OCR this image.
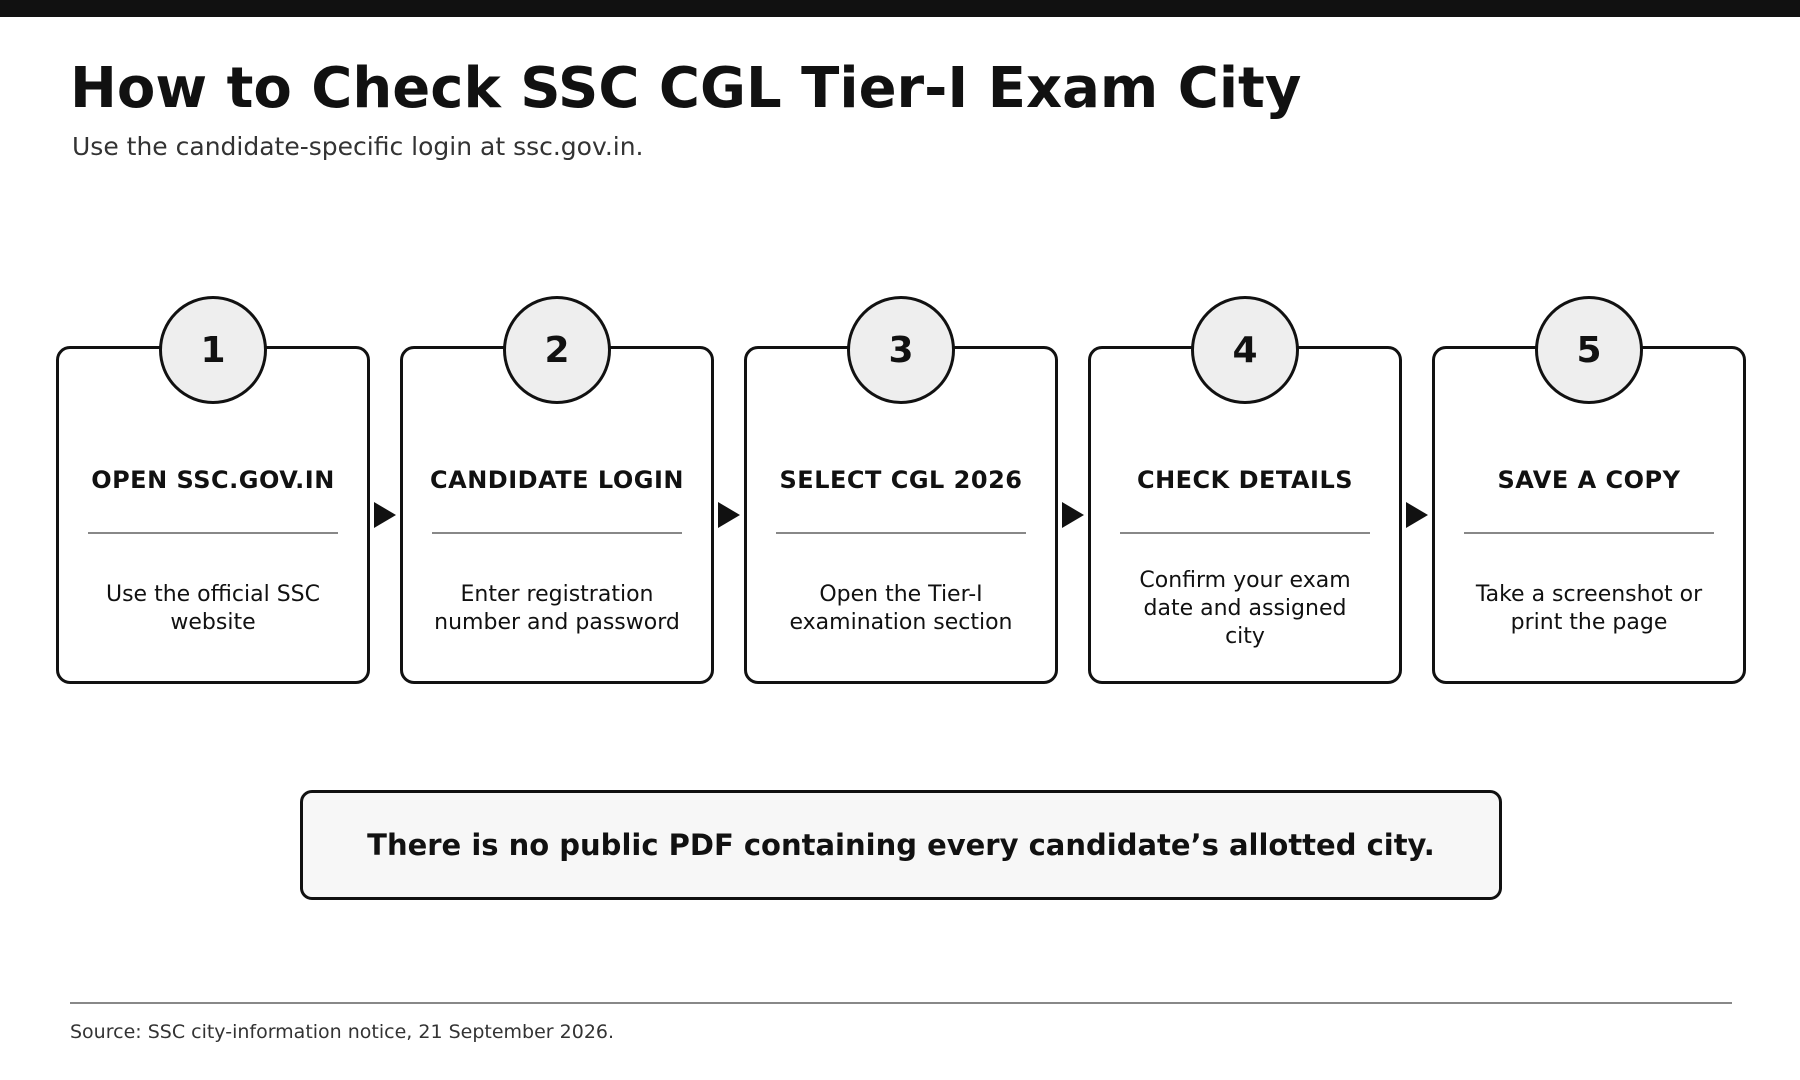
How to Check SSC CGL Tier-I Exam City

Use the candidate-specific login at ssc.gov.in.

OPEN SSC.GOV.IN
Use the official SSC website
1
CANDIDATE LOGIN
Enter registration number and password
2
SELECT CGL 2026
Open the Tier-I examination section
3
CHECK DETAILS
Confirm your exam date and assigned city
4
SAVE A COPY
Take a screenshot or print the page
5
There is no public PDF containing every candidate’s allotted city.

Source: SSC city-information notice, 21 September 2026.
